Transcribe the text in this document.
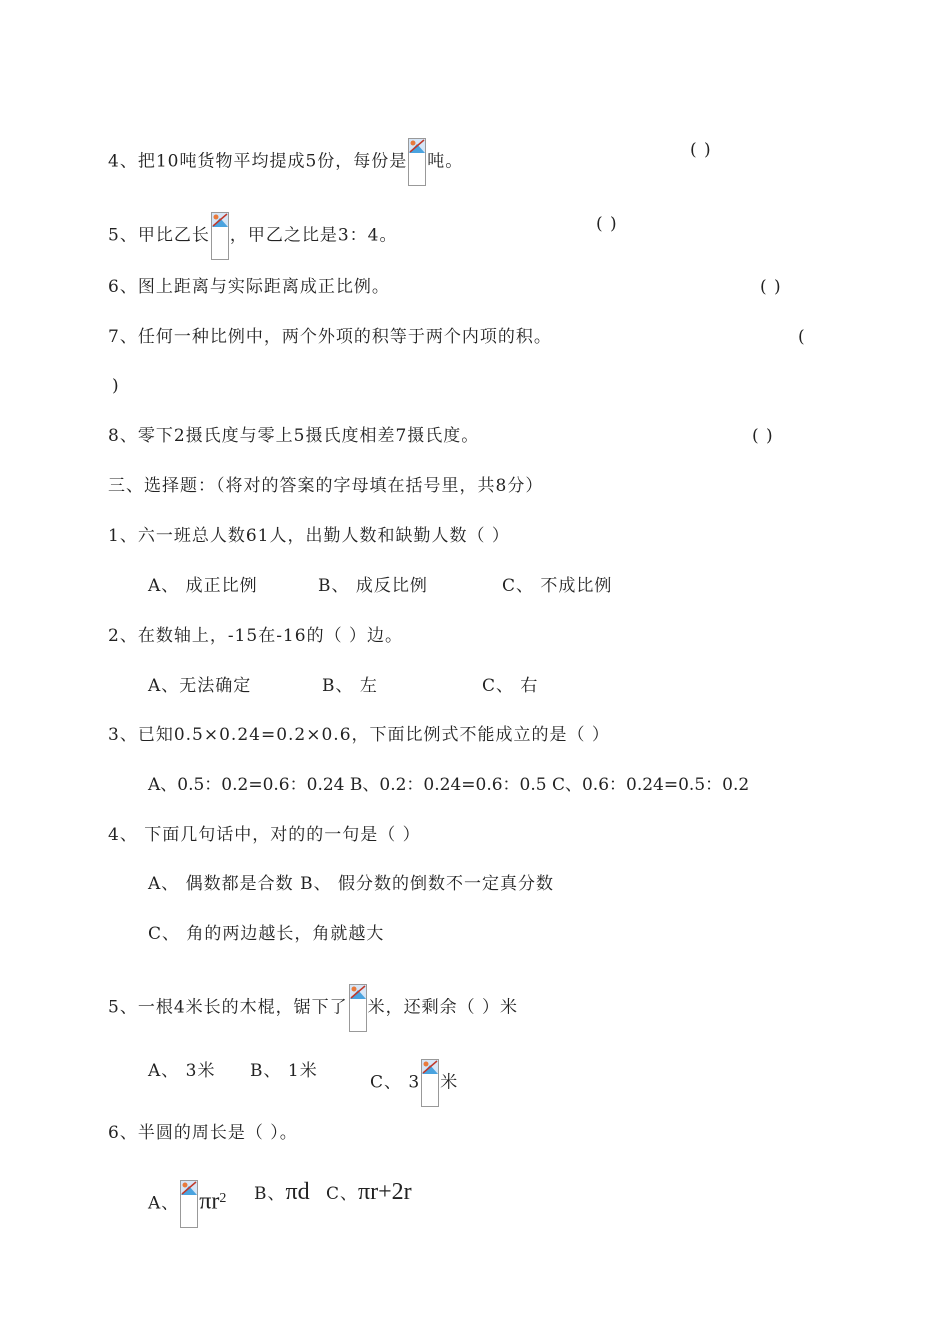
4、把10吨货物平均提成5份，每份是 吨。
( )
5、甲比乙长 ，甲乙之比是3：4。
( )
6、图上距离与实际距离成正比例。	( )
7、任何一种比例中，两个外项的积等于两个内项的积。	(
)
8、零下2摄氏度与零上5摄氏度相差7摄氏度。	( )
三、选择题：（将对的答案的字母填在括号里，共8分）
1、六一班总人数61人，出勤人数和缺勤人数（ ）
A、 成正比例	B、 成反比例	C、 不成比例
2、在数轴上，-15在-16的（ ）边。
A、无法确定	B、 左	C、 右
3、已知0.5×0.24=0.2×0.6，下面比例式不能成立的是（ ）
A、0.5：0.2=0.6：0.24 B、0.2：0.24=0.6：0.5 C、0.6：0.24=0.5：0.2
4、 下面几句话中，对的的一句是（ ）
A、 偶数都是合数 B、 假分数的倒数不一定真分数
C、 角的两边越长，角就越大
5、一根4米长的木棍，锯下了 米，还剩余（ ）米
A、 3米 B、 1米
C、 3 米
6、半圆的周长是（ ）。
A、 $\pi r^2$ B、πd C、πr+2r
